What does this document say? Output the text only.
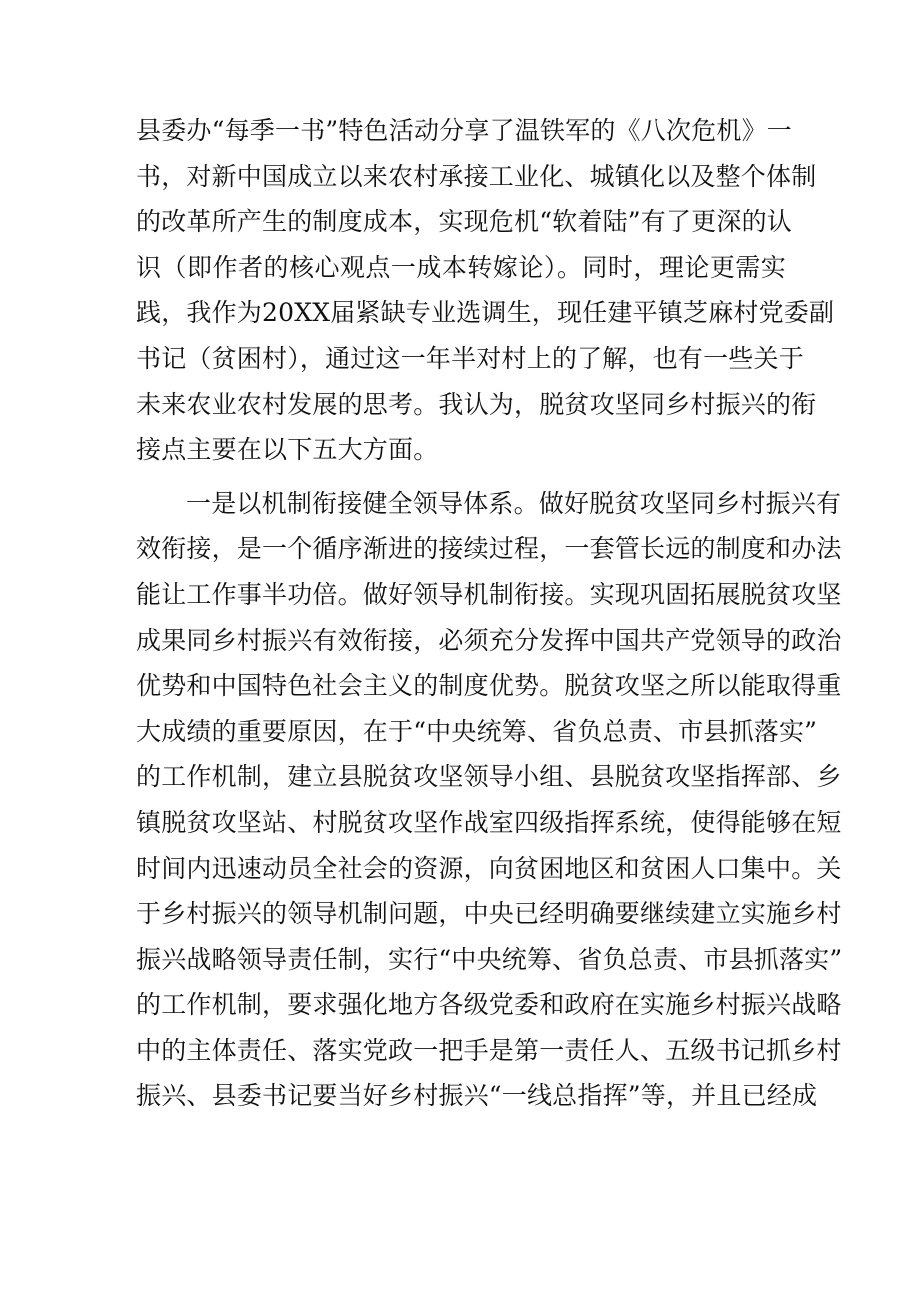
县委办“每季一书”特色活动分享了温铁军的《八次危机》一
书，对新中国成立以来农村承接工业化、城镇化以及整个体制
的改革所产生的制度成本，实现危机“软着陆”有了更深的认
识（即作者的核心观点一成本转嫁论）。同时，理论更需实
践，我作为20XX届紧缺专业选调生，现任建平镇芝麻村党委副
书记（贫困村），通过这一年半对村上的了解，也有一些关于
未来农业农村发展的思考。我认为，脱贫攻坚同乡村振兴的衔
接点主要在以下五大方面。
一是以机制衔接健全领导体系。做好脱贫攻坚同乡村振兴有
效衔接，是一个循序渐进的接续过程，一套管长远的制度和办法
能让工作事半功倍。做好领导机制衔接。实现巩固拓展脱贫攻坚
成果同乡村振兴有效衔接，必须充分发挥中国共产党领导的政治
优势和中国特色社会主义的制度优势。脱贫攻坚之所以能取得重
大成绩的重要原因，在于“中央统筹、省负总责、市县抓落实”
的工作机制，建立县脱贫攻坚领导小组、县脱贫攻坚指挥部、乡
镇脱贫攻坚站、村脱贫攻坚作战室四级指挥系统，使得能够在短
时间内迅速动员全社会的资源，向贫困地区和贫困人口集中。关
于乡村振兴的领导机制问题，中央已经明确要继续建立实施乡村
振兴战略领导责任制，实行“中央统筹、省负总责、市县抓落实”
的工作机制，要求强化地方各级党委和政府在实施乡村振兴战略
中的主体责任、落实党政一把手是第一责任人、五级书记抓乡村
振兴、县委书记要当好乡村振兴“一线总指挥”等，并且已经成
